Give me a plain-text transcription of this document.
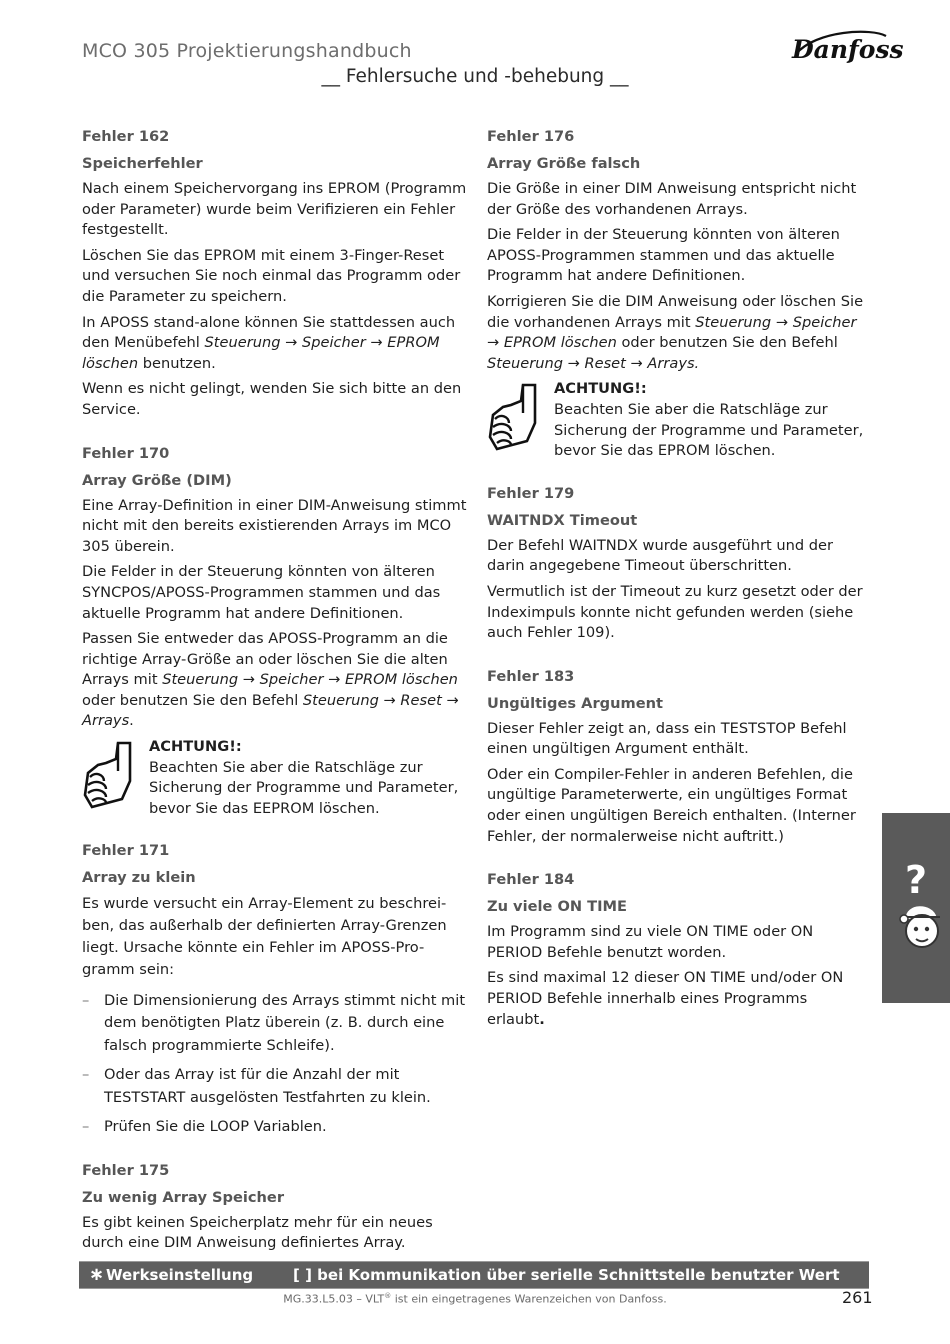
MCO 305 Projektierungshandbuch	Danfoss
__ Fehlersuche und -behebung __
Fehler 162
Speicherfehler
Nach einem Speichervorgang ins EPROM (Programm oder Parameter) wurde beim Verifizieren ein Fehler festgestellt.
Löschen Sie das EPROM mit einem 3-Finger-Reset und versuchen Sie noch einmal das Programm oder die Parameter zu speichern.
In APOSS stand-alone können Sie stattdessen auch den Menübefehl Steuerung → Speicher → EPROM löschen benutzen.
Wenn es nicht gelingt, wenden Sie sich bitte an den Service.
Fehler 170
Array Größe (DIM)
Eine Array-Definition in einer DIM-Anweisung stimmt nicht mit den bereits existierenden Arrays im MCO 305 überein.
Die Felder in der Steuerung könnten von älteren SYNCPOS/APOSS-Programmen stammen und das aktuelle Programm hat andere Definitionen.
Passen Sie entweder das APOSS-Programm an die richtige Array-Größe an oder löschen Sie die alten Arrays mit Steuerung → Speicher → EPROM löschen oder benutzen Sie den Befehl Steuerung → Reset → Arrays.
ACHTUNG!:
Beachten Sie aber die Ratschläge zur Sicherung der Programme und Parameter, bevor Sie das EEPROM löschen.
Fehler 171
Array zu klein
Es wurde versucht ein Array-Element zu beschrei-ben, das außerhalb der definierten Array-Grenzen liegt. Ursache könnte ein Fehler im APOSS-Pro-gramm sein:
– Die Dimensionierung des Arrays stimmt nicht mit dem benötigten Platz überein (z. B. durch eine falsch programmierte Schleife).
– Oder das Array ist für die Anzahl der mit TESTSTART ausgelösten Testfahrten zu klein.
– Prüfen Sie die LOOP Variablen.
Fehler 175
Zu wenig Array Speicher
Es gibt keinen Speicherplatz mehr für ein neues durch eine DIM Anweisung definiertes Array.
Fehler 176
Array Größe falsch
Die Größe in einer DIM Anweisung entspricht nicht der Größe des vorhandenen Arrays.
Die Felder in der Steuerung könnten von älteren APOSS-Programmen stammen und das aktuelle Programm hat andere Definitionen.
Korrigieren Sie die DIM Anweisung oder löschen Sie die vorhandenen Arrays mit Steuerung → Speicher → EPROM löschen oder benutzen Sie den Befehl Steuerung → Reset → Arrays.
ACHTUNG!:
Beachten Sie aber die Ratschläge zur Sicherung der Programme und Parameter, bevor Sie das EPROM löschen.
Fehler 179
WAITNDX Timeout
Der Befehl WAITNDX wurde ausgeführt und der darin angegebene Timeout überschritten.
Vermutlich ist der Timeout zu kurz gesetzt oder der Indeximpuls konnte nicht gefunden werden (siehe auch Fehler 109).
Fehler 183
Ungültiges Argument
Dieser Fehler zeigt an, dass ein TESTSTOP Befehl einen ungültigen Argument enthält.
Oder ein Compiler-Fehler in anderen Befehlen, die ungültige Parameterwerte, ein ungültiges Format oder einen ungültigen Bereich enthalten. (Interner Fehler, der normalerweise nicht auftritt.)
Fehler 184
Zu viele ON TIME
Im Programm sind zu viele ON TIME oder ON PERIOD Befehle benutzt worden.
Es sind maximal 12 dieser ON TIME und/oder ON PERIOD Befehle innerhalb eines Programms erlaubt.
?
∗ Werkseinstellung	[ ] bei Kommunikation über serielle Schnittstelle benutzter Wert
MG.33.L5.03 – VLT® ist ein eingetragenes Warenzeichen von Danfoss.	261
